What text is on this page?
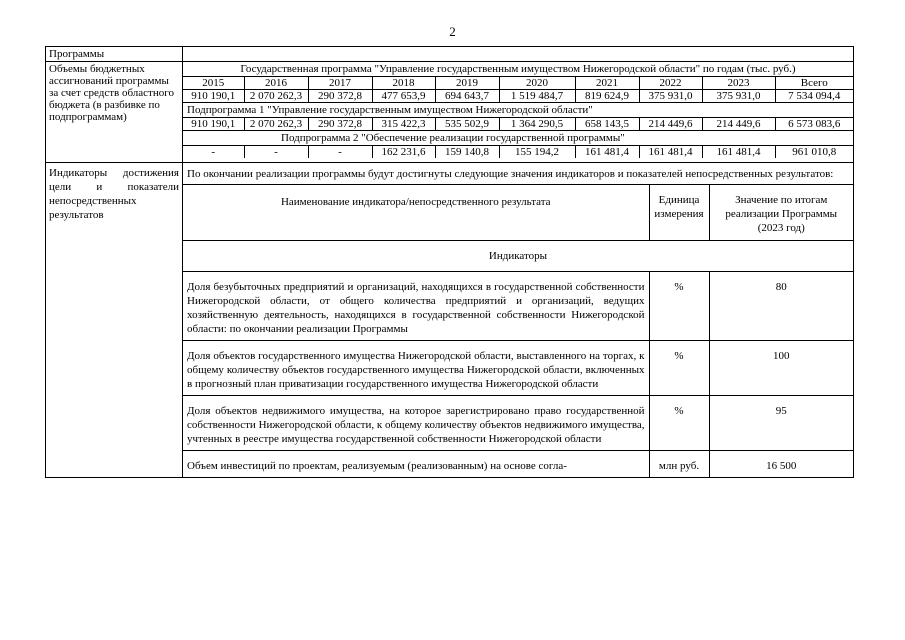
2
Программы

Объемы бюджетных ассигнований программы за счет средств областного бюджета (в разбивке по подпрограммам)
Государственная программа "Управление государственным имуществом Нижегородской области" по годам (тыс. руб.)
2015	2016	2017	2018	2019	2020	2021	2022	2023	Всего
910 190,1	2 070 262,3	290 372,8	477 653,9	694 643,7	1 519 484,7	819 624,9	375 931,0	375 931,0	7 534 094,4
Подпрограмма 1 "Управление государственным имуществом Нижегородской области"
910 190,1	2 070 262,3	290 372,8	315 422,3	535 502,9	1 364 290,5	658 143,5	214 449,6	214 449,6	6 573 083,6
Подпрограмма 2 "Обеспечение реализации государственной программы"
-	-	-	162 231,6	159 140,8	155 194,2	161 481,4	161 481,4	161 481,4	961 010,8
Индикаторы достижения цели и показатели непосредственных результатов
По окончании реализации программы будут достигнуты следующие значения индикаторов и показателей непосредственных результатов:
Наименование индикатора/непосредственного результата	Единица измерения	Значение по итогам реализации Программы (2023 год)
Индикаторы		
Доля безубыточных предприятий и организаций, находящихся в государственной собственности Нижегородской области, от общего количества предприятий и организаций, ведущих хозяйственную деятельность, находящихся в государственной собственности Нижегородской области: по окончании реализации Программы	%	80
Доля объектов государственного имущества Нижегородской области, выставленного на торгах, к общему количеству объектов государственного имущества Нижегородской области, включенных в прогнозный план приватизации государственного имущества Нижегородской области	%	100
Доля объектов недвижимого имущества, на которое зарегистрировано право государственной собственности Нижегородской области, к общему количеству объектов недвижимого имущества, учтенных в реестре имущества государственной собственности Нижегородской области	%	95
Объем инвестиций по проектам, реализуемым (реализованным) на основе согла-	млн руб.	16 500
